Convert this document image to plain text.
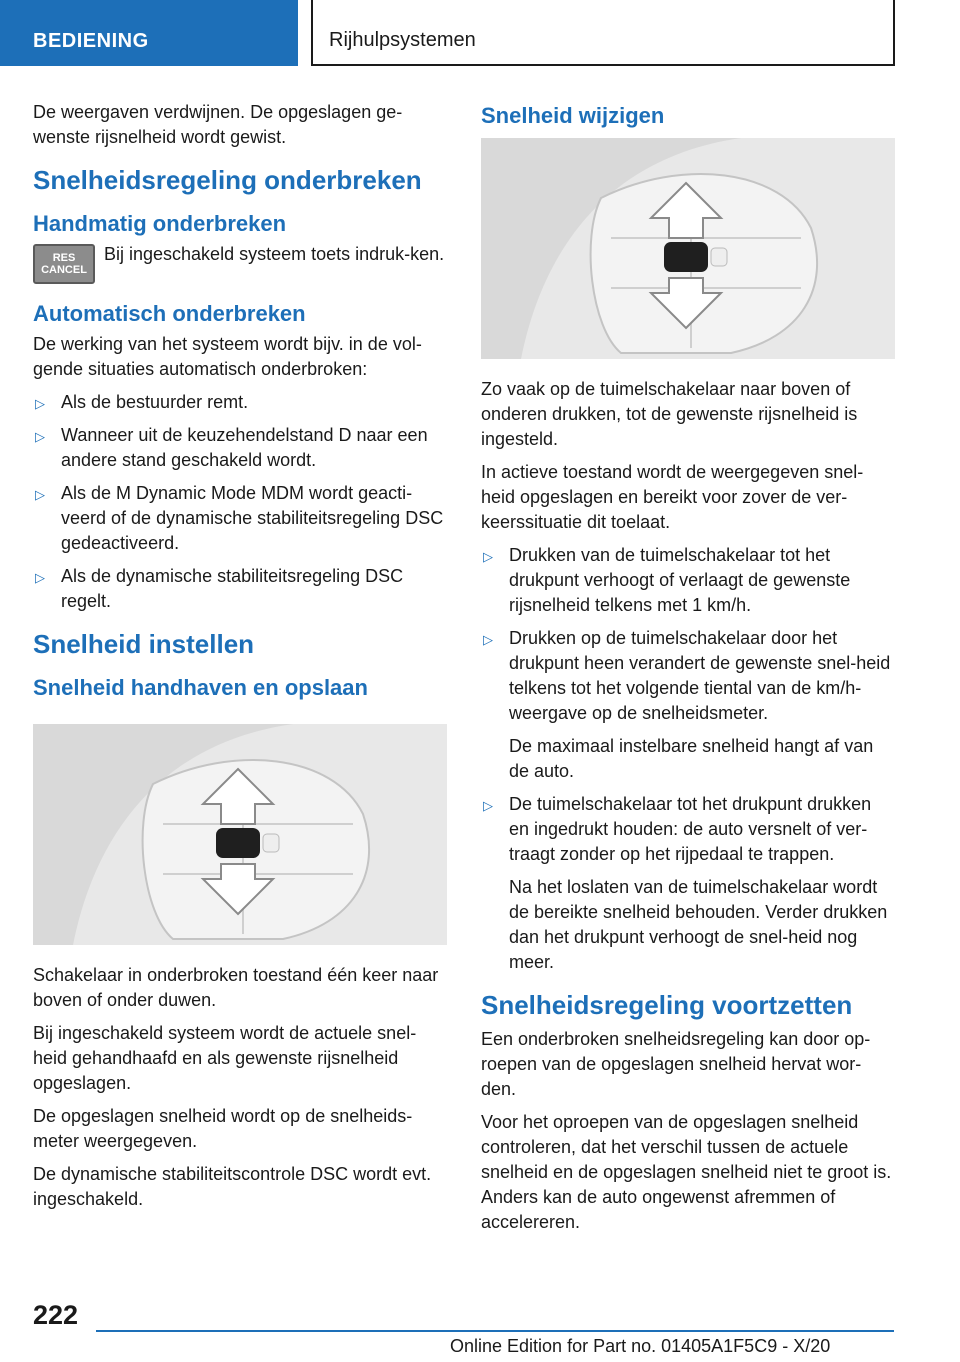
BEDIENING	Rijhulpsystemen

De weergaven verdwijnen. De opgeslagen ge-wenste rijsnelheid wordt gewist.

Snelheidsregeling onderbreken
Handmatig onderbreken
RES
CANCEL

Bij ingeschakeld systeem toets indruk-ken.

Automatisch onderbreken

De werking van het systeem wordt bijv. in de vol-gende situaties automatisch onderbroken:

▷ Als de bestuurder remt.
▷ Wanneer uit de keuzehendelstand D naar een andere stand geschakeld wordt.
▷ Als de M Dynamic Mode MDM wordt geacti-veerd of de dynamische stabiliteitsregeling DSC gedeactiveerd.
▷ Als de dynamische stabiliteitsregeling DSC regelt.
Snelheid instellen
Snelheid handhaven en opslaan

Schakelaar in onderbroken toestand één keer naar boven of onder duwen.

Bij ingeschakeld systeem wordt de actuele snel-heid gehandhaafd en als gewenste rijsnelheid opgeslagen.

De opgeslagen snelheid wordt op de snelheids-meter weergegeven.

De dynamische stabiliteitscontrole DSC wordt evt. ingeschakeld.

Snelheid wijzigen

Zo vaak op de tuimelschakelaar naar boven of onderen drukken, tot de gewenste rijsnelheid is ingesteld.

In actieve toestand wordt de weergegeven snel-heid opgeslagen en bereikt voor zover de ver-keerssituatie dit toelaat.

▷ Drukken van de tuimelschakelaar tot het drukpunt verhoogt of verlaagt de gewenste rijsnelheid telkens met 1 km/h.
▷ Drukken op de tuimelschakelaar door het drukpunt heen verandert de gewenste snel-heid telkens tot het volgende tiental van de km/h-weergave op de snelheidsmeter.
De maximaal instelbare snelheid hangt af van de auto.
▷ De tuimelschakelaar tot het drukpunt drukken en ingedrukt houden: de auto versnelt of ver-traagt zonder op het rijpedaal te trappen.
Na het loslaten van de tuimelschakelaar wordt de bereikte snelheid behouden. Verder drukken dan het drukpunt verhoogt de snel-heid nog meer.
Snelheidsregeling voortzetten

Een onderbroken snelheidsregeling kan door op-roepen van de opgeslagen snelheid hervat wor-den.

Voor het oproepen van de opgeslagen snelheid controleren, dat het verschil tussen de actuele snelheid en de opgeslagen snelheid niet te groot is. Anders kan de auto ongewenst afremmen of accelereren.

222
Online Edition for Part no. 01405A1F5C9 - X/20
